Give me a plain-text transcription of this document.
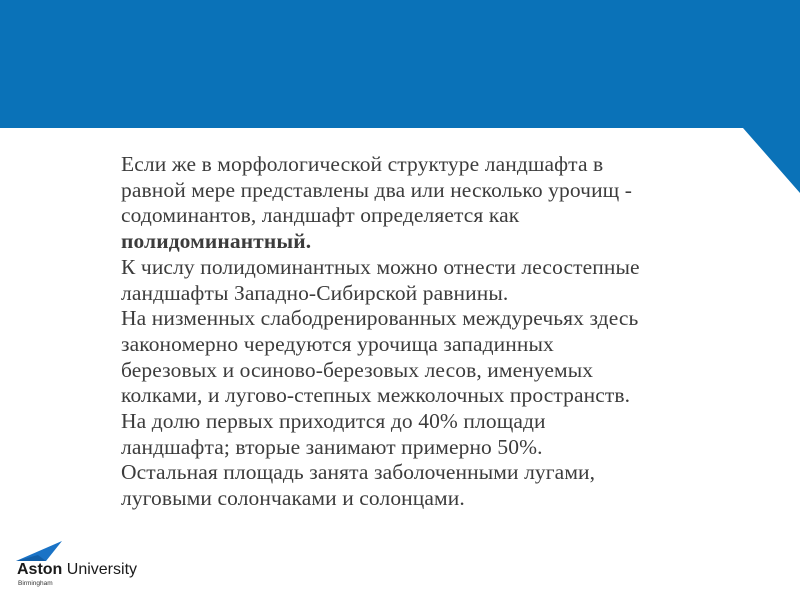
Если же в морфологической структуре ландшафта в
равной мере представлены два или несколько урочищ -
содоминантов, ландшафт определяется как
полидоминантный.
К числу полидоминантных можно отнести лесостепные
ландшафты Западно-Сибирской равнины.
На низменных слабодренированных междуречьях здесь
закономерно чередуются урочища западинных
березовых и осиново-березовых лесов, именуемых
колками, и лугово-степных межколочных пространств.
На долю первых приходится до 40% площади
ландшафта; вторые занимают примерно 50%.
Остальная площадь занята заболоченными лугами,
луговыми солончаками и солонцами.
Aston University
Birmingham
